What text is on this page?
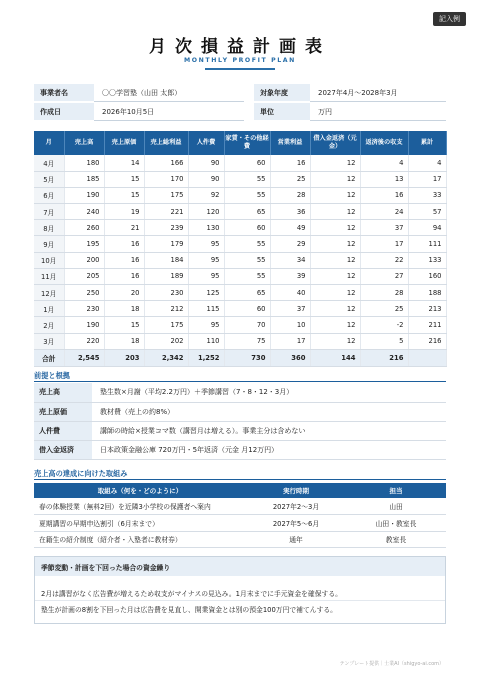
記入例
月次損益計画表
MONTHLY PROFIT PLAN
事業者名	〇〇学習塾（山田 太郎）	対象年度	2027年4月〜2028年3月
作成日	2026年10月5日	単位	万円
月	売上高	売上原価	売上総利益	人件費	家賃・その他経費	営業利益	借入金返済（元金）	返済後の収支	累計
4月	180	14	166	90	60	16	12	4	4
5月	185	15	170	90	55	25	12	13	17
6月	190	15	175	92	55	28	12	16	33
7月	240	19	221	120	65	36	12	24	57
8月	260	21	239	130	60	49	12	37	94
9月	195	16	179	95	55	29	12	17	111
10月	200	16	184	95	55	34	12	22	133
11月	205	16	189	95	55	39	12	27	160
12月	250	20	230	125	65	40	12	28	188
1月	230	18	212	115	60	37	12	25	213
2月	190	15	175	95	70	10	12	-2	211
3月	220	18	202	110	75	17	12	5	216
合計	2,545	203	2,342	1,252	730	360	144	216	
前提と根拠
売上高	塾生数×月謝（平均2.2万円）＋季節講習（7・8・12・3月）
売上原価	教材費（売上の約8%）
人件費	講師の時給×授業コマ数（講習月は増える）。事業主分は含めない
借入金返済	日本政策金融公庫 720万円・5年返済（元金 月12万円）
売上高の達成に向けた取組み
取組み（何を・どのように）	実行時期	担当
春の体験授業（無料2回）を近隣3小学校の保護者へ案内	2027年2〜3月	山田
夏期講習の早期申込割引（6月末まで）	2027年5〜6月	山田・教室長
在籍生の紹介制度（紹介者・入塾者に教材券）	通年	教室長
季節変動・計画を下回った場合の資金繰り
2月は講習がなく広告費が増えるため収支がマイナスの見込み。1月末までに手元資金を確保する。
塾生が計画の8割を下回った月は広告費を見直し、開業資金とは別の預金100万円で補てんする。
テンプレート提供｜士業AI（shigyo-ai.com）
